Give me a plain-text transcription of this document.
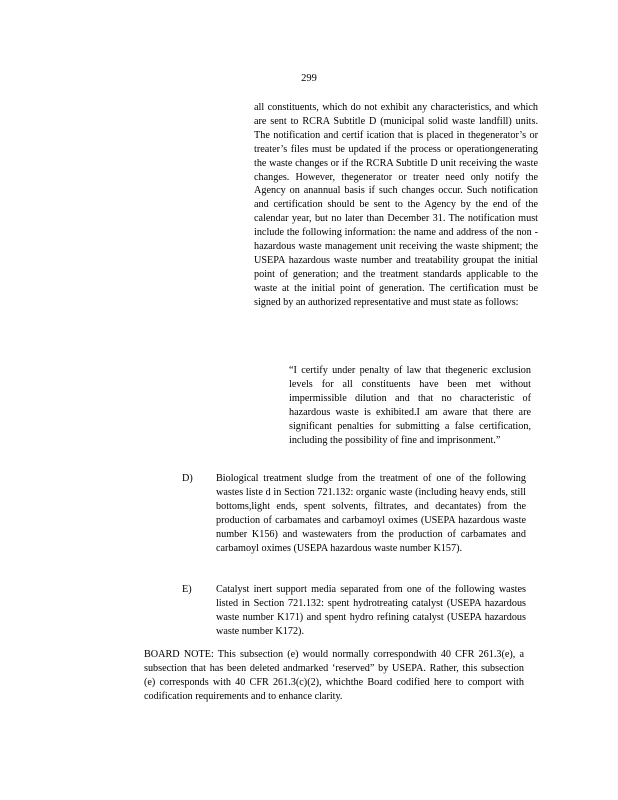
299

all constituents, which do not exhibit any characteristics, and which are sent to RCRA Subtitle D (municipal solid waste landfill) units. The notification and certif ication that is placed in thegenerator’s or treater’s files must be updated if the process or operationgenerating the waste changes or if the RCRA Subtitle D unit receiving the waste changes. However, thegenerator or treater need only notify the Agency on anannual basis if such changes occur. Such notification and certification should be sent to the Agency by the end of the calendar year, but no later than December 31. The notification must include the following information: the name and address of the non -hazardous waste management unit receiving the waste shipment; the USEPA hazardous waste number and treatability groupat the initial point of generation; and the treatment standards applicable to the waste at the initial point of generation. The certification must be signed by an authorized representative and must state as follows:

“I certify under penalty of law that thegeneric exclusion levels for all constituents have been met without impermissible dilution and that no characteristic of hazardous waste is exhibited.I am aware that there are significant penalties for submitting a false certification, including the possibility of fine and imprisonment.”

D) Biological treatment sludge from the treatment of one of the following wastes liste d in Section 721.132: organic waste (including heavy ends, still bottoms,light ends, spent solvents, filtrates, and decantates) from the production of carbamates and carbamoyl oximes (USEPA hazardous waste number K156) and wastewaters from the production of carbamates and carbamoyl oximes (USEPA hazardous waste number K157).
E) Catalyst inert support media separated from one of the following wastes listed in Section 721.132: spent hydrotreating catalyst (USEPA hazardous waste number K171) and spent hydro refining catalyst (USEPA hazardous waste number K172).

BOARD NOTE: This subsection (e) would normally correspondwith 40 CFR 261.3(e), a subsection that has been deleted andmarked ‘reserved” by USEPA. Rather, this subsection (e) corresponds with 40 CFR 261.3(c)(2), whichthe Board codified here to comport with codification requirements and to enhance clarity.
